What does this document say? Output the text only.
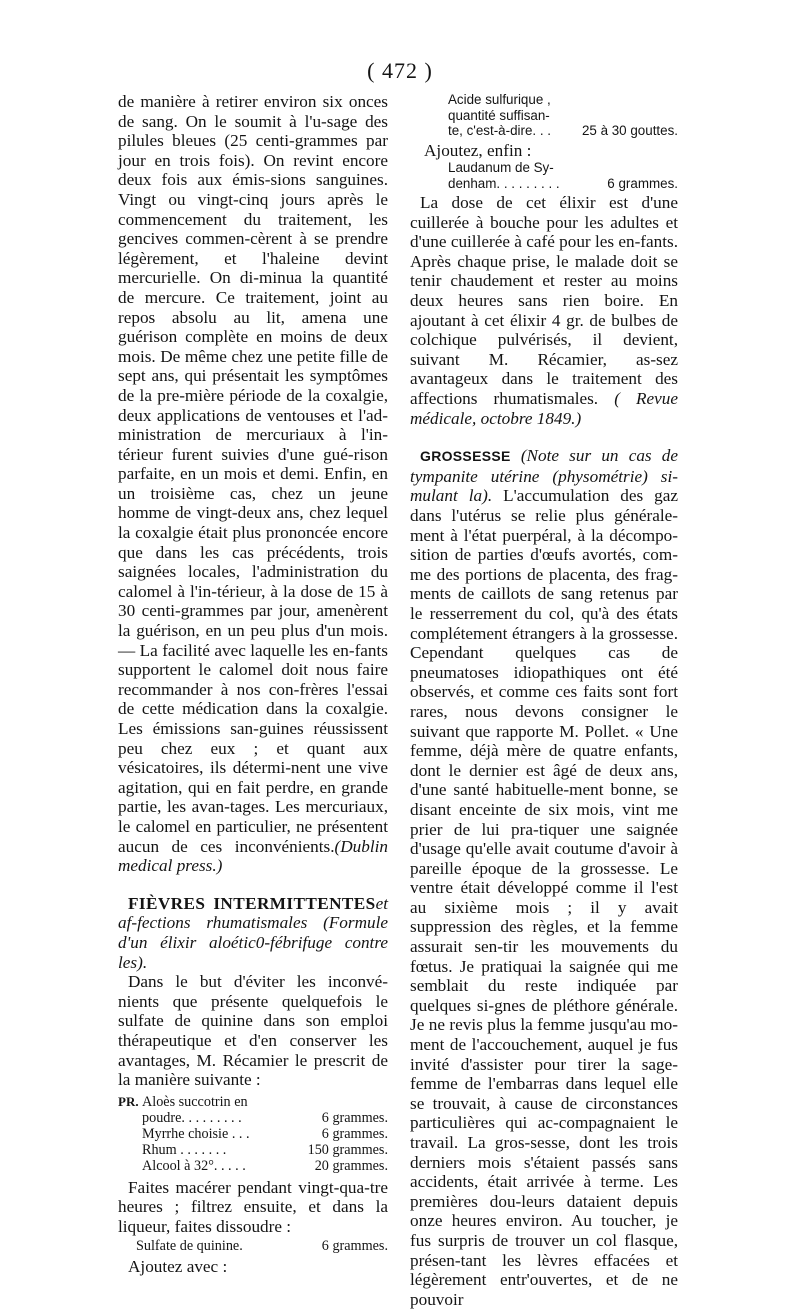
( 472 )

de manière à retirer environ six onces de sang. On le soumit à l'u-sage des pilules bleues (25 centi-grammes par jour en trois fois). On revint encore deux fois aux émis-sions sanguines. Vingt ou vingt-cinq jours après le commencement du traitement, les gencives commen-cèrent à se prendre légèrement, et l'haleine devint mercurielle. On di-minua la quantité de mercure. Ce traitement, joint au repos absolu au lit, amena une guérison complète en moins de deux mois. De même chez une petite fille de sept ans, qui présentait les symptômes de la pre-mière période de la coxalgie, deux applications de ventouses et l'ad-ministration de mercuriaux à l'in-térieur furent suivies d'une gué-rison parfaite, en un mois et demi. Enfin, en un troisième cas, chez un jeune homme de vingt-deux ans, chez lequel la coxalgie était plus prononcée encore que dans les cas précédents, trois saignées locales, l'administration du calomel à l'in-térieur, à la dose de 15 à 30 centi-grammes par jour, amenèrent la guérison, en un peu plus d'un mois. — La facilité avec laquelle les en-fants supportent le calomel doit nous faire recommander à nos con-frères l'essai de cette médication dans la coxalgie. Les émissions san-guines réussissent peu chez eux ; et quant aux vésicatoires, ils détermi-nent une vive agitation, qui en fait perdre, en grande partie, les avan-tages. Les mercuriaux, le calomel en particulier, ne présentent aucun de ces inconvénients.(Dublin medical press.)

FIÈVRES INTERMITTENTESet af-fections rhumatismales (Formule d'un élixir aloétic0-fébrifuge contre les).

Dans le but d'éviter les inconvé-nients que présente quelquefois le sulfate de quinine dans son emploi thérapeutique et d'en conserver les avantages, M. Récamier le prescrit de la manière suivante :

PR. Aloès succotrin en
poudre. . . . . . . . .	6 grammes.
Myrrhe choisie . . .	6 grammes.
Rhum . . . . . . .	150 grammes.
Alcool à 32°. . . . .	20 grammes.

Faites macérer pendant vingt-qua-tre heures ; filtrez ensuite, et dans la liqueur, faites dissoudre :

Sulfate de quinine.	6 grammes.

Ajoutez avec :

Acide sulfurique ,
quantité suffisan-
te, c'est-à-dire. . . 25 à 30 gouttes.

Ajoutez, enfin :

Laudanum de Sy-
denham. . . . . . . . .	6 grammes.

La dose de cet élixir est d'une cuillerée à bouche pour les adultes et d'une cuillerée à café pour les en-fants. Après chaque prise, le malade doit se tenir chaudement et rester au moins deux heures sans rien boire. En ajoutant à cet élixir 4 gr. de bulbes de colchique pulvérisés, il devient, suivant M. Récamier, as-sez avantageux dans le traitement des affections rhumatismales. ( Revue médicale, octobre 1849.)

GROSSESSE (Note sur un cas de tympanite utérine (physométrie) si-mulant la). L'accumulation des gaz dans l'utérus se relie plus générale-ment à l'état puerpéral, à la décompo-sition de parties d'œufs avortés, com-me des portions de placenta, des frag-ments de caillots de sang retenus par le resserrement du col, qu'à des états complétement étrangers à la grossesse. Cependant quelques cas de pneumatoses idiopathiques ont été observés, et comme ces faits sont fort rares, nous devons consigner le suivant que rapporte M. Pollet. « Une femme, déjà mère de quatre enfants, dont le dernier est âgé de deux ans, d'une santé habituelle-ment bonne, se disant enceinte de six mois, vint me prier de lui pra-tiquer une saignée d'usage qu'elle avait coutume d'avoir à pareille époque de la grossesse. Le ventre était développé comme il l'est au sixième mois ; il y avait suppression des règles, et la femme assurait sen-tir les mouvements du fœtus. Je pratiquai la saignée qui me semblait du reste indiquée par quelques si-gnes de pléthore générale. Je ne revis plus la femme jusqu'au mo-ment de l'accouchement, auquel je fus invité d'assister pour tirer la sage-femme de l'embarras dans lequel elle se trouvait, à cause de circonstances particulières qui ac-compagnaient le travail. La gros-sesse, dont les trois derniers mois s'étaient passés sans accidents, était arrivée à terme. Les premières dou-leurs dataient depuis onze heures environ. Au toucher, je fus surpris de trouver un col flasque, présen-tant les lèvres effacées et légèrement entr'ouvertes, et de ne pouvoir
